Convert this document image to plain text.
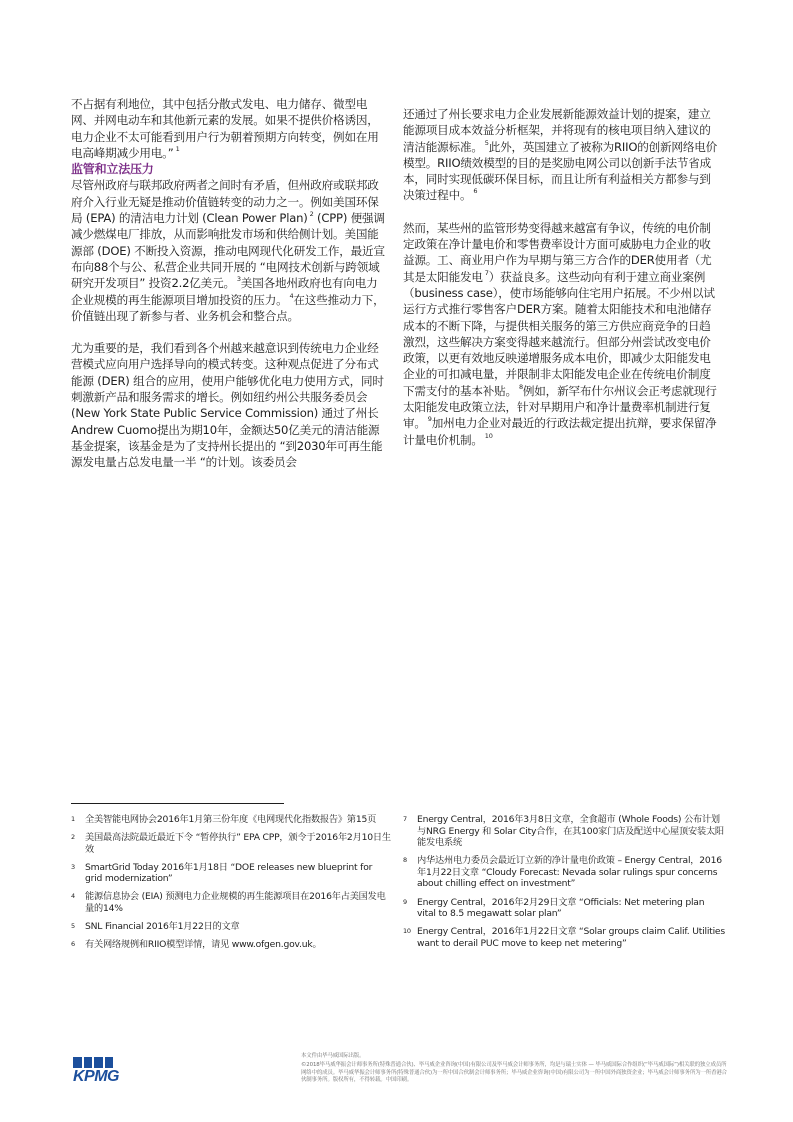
不占据有利地位，其中包括分散式发电、电力储存、微型电网、并网电动车和其他新元素的发展。如果不提供价格诱因，电力企业不太可能看到用户行为朝着预期方向转变，例如在用电高峰期减少用电。” $^1$

监管和立法压力

尽管州政府与联邦政府两者之间时有矛盾，但州政府或联邦政府介入行业无疑是推动价值链转变的动力之一。例如美国环保局 (EPA) 的清洁电力计划 (Clean Power Plan) $^2$ (CPP) 便强调减少燃煤电厂排放，从而影响批发市场和供给侧计划。美国能源部 (DOE) 不断投入资源，推动电网现代化研发工作，最近宣布向88个与公、私营企业共同开展的 “电网技术创新与跨领域研究开发项目” 投资2.2亿美元。 $^3$美国各地州政府也有向电力企业规模的再生能源项目增加投资的压力。 $^4$在这些推动力下，价值链出现了新参与者、业务机会和整合点。

尤为重要的是，我们看到各个州越来越意识到传统电力企业经营模式应向用户选择导向的模式转变。这种观点促进了分布式能源 (DER) 组合的应用，使用户能够优化电力使用方式，同时刺激新产品和服务需求的增长。例如纽约州公共服务委员会 (New York State Public Service Commission) 通过了州长Andrew Cuomo提出为期10年，金额达50亿美元的清洁能源基金提案，该基金是为了支持州长提出的 “到2030年可再生能源发电量占总发电量一半 “的计划。该委员会

还通过了州长要求电力企业发展新能源效益计划的提案，建立能源项目成本效益分析框架，并将现有的核电项目纳入建议的清洁能源标准。 $^5$此外，英国建立了被称为RIIO的创新网络电价模型。RIIO绩效模型的目的是奖励电网公司以创新手法节省成本，同时实现低碳环保目标，而且让所有利益相关方都参与到决策过程中。 $^6$

然而，某些州的监管形势变得越来越富有争议，传统的电价制定政策在净计量电价和零售费率设计方面可威胁电力企业的收益源。工、商业用户作为早期与第三方合作的DER使用者（尤其是太阳能发电 $^7$）获益良多。这些动向有利于建立商业案例（business case），使市场能够向住宅用户拓展。不少州以试运行方式推行零售客户DER方案。随着太阳能技术和电池储存成本的不断下降，与提供相关服务的第三方供应商竞争的日趋激烈，这些解决方案变得越来越流行。但部分州尝试改变电价政策，以更有效地反映递增服务成本电价，即减少太阳能发电企业的可扣减电量，并限制非太阳能发电企业在传统电价制度下需支付的基本补贴。 $^8$例如，新罕布什尔州议会正考虑就现行太阳能发电政策立法，针对早期用户和净计量费率机制进行复审。 $^9$加州电力企业对最近的行政法裁定提出抗辩，要求保留净计量电价机制。 $^{10}$

1	全美智能电网协会2016年1月第三份年度《电网现代化指数报告》第15页
2	美国最高法院最近最近下令 “暂停执行” EPA CPP，颁令于2016年2月10日生效
3	SmartGrid Today 2016年1月18日 “DOE releases new blueprint for grid modernization”
4	能源信息协会 (EIA) 预测电力企业规模的再生能源项目在2016年占美国发电量的14%
5	SNL Financial 2016年1月22日的文章
6	有关网络规例和RIIO模型详情，请见 www.ofgen.gov.uk。
7	Energy Central，2016年3月8日文章，全食超市 (Whole Foods) 公布计划与NRG Energy 和 Solar City合作，在其100家门店及配送中心屋顶安装太阳能发电系统
8	内华达州电力委员会最近订立新的净计量电价政策 – Energy Central，2016年1月22日文章 “Cloudy Forecast: Nevada solar rulings spur concerns about chilling effect on investment”
9	Energy Central，2016年2月29日文章 “Officials: Net metering plan vital to 8.5 megawatt solar plan”
10 Energy Central，2016年1月22日文章 “Solar groups claim Calif. Utilities want to derail PUC move to keep net metering”
KPMG
本文件由毕马威国际出版。
©2018毕马威华振会计师事务所(特殊普通合伙)、毕马威企业咨询(中国)有限公司及毕马威会计师事务所，均是与瑞士实体 — 毕马威国际合作组织(“毕马威国际”)相关联的独立成员所网络中的成员。毕马威华振会计师事务所(特殊普通合伙)为一所中国合伙制会计师事务所；毕马威企业咨询(中国)有限公司为一所中国外商独资企业；毕马威会计师事务所为一所香港合伙制事务所。版权所有，不得转载。中国印刷。
